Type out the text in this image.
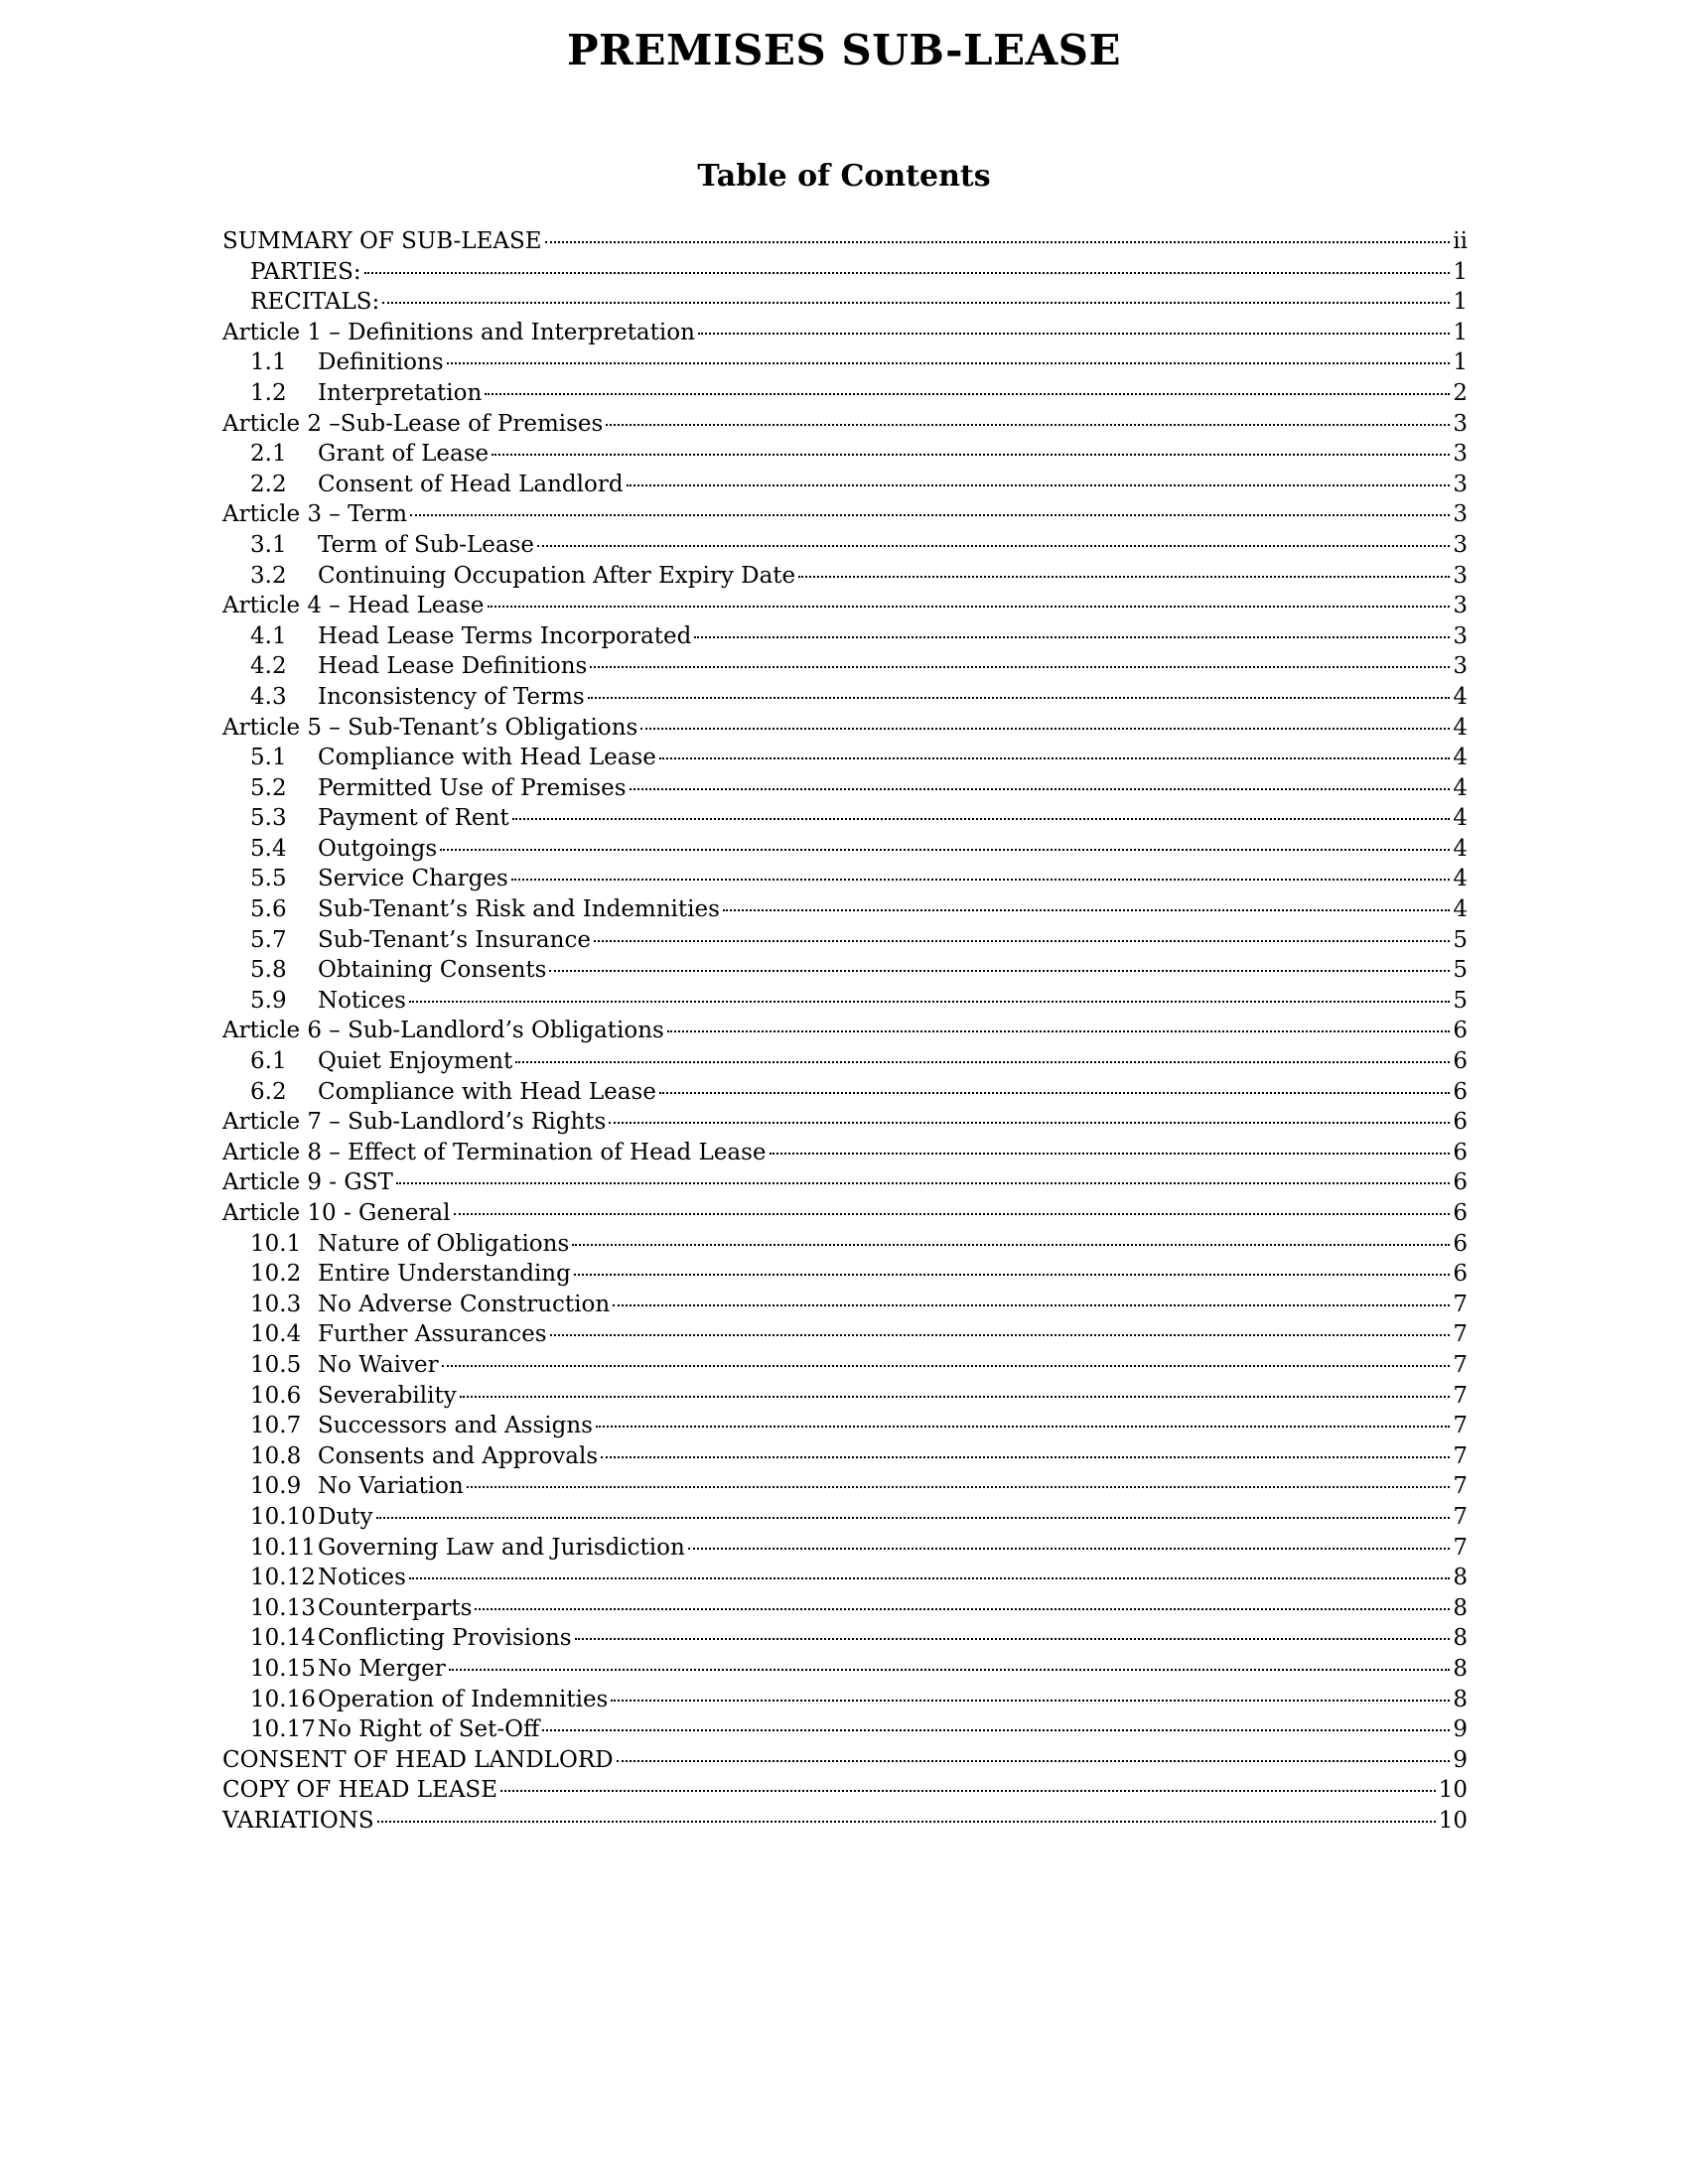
PREMISES SUB-LEASE
Table of Contents
SUMMARY OF SUB-LEASE	ii
PARTIES:	1
RECITALS:	1
Article 1 – Definitions and Interpretation	1
1.1	Definitions	1
1.2	Interpretation	2
Article 2 –Sub-Lease of Premises	3
2.1	Grant of Lease	3
2.2	Consent of Head Landlord	3
Article 3 – Term	3
3.1	Term of Sub-Lease	3
3.2	Continuing Occupation After Expiry Date	3
Article 4 – Head Lease	3
4.1	Head Lease Terms Incorporated	3
4.2	Head Lease Definitions	3
4.3	Inconsistency of Terms	4
Article 5 – Sub-Tenant’s Obligations	4
5.1	Compliance with Head Lease	4
5.2	Permitted Use of Premises	4
5.3	Payment of Rent	4
5.4	Outgoings	4
5.5	Service Charges	4
5.6	Sub-Tenant’s Risk and Indemnities	4
5.7	Sub-Tenant’s Insurance	5
5.8	Obtaining Consents	5
5.9	Notices	5
Article 6 – Sub-Landlord’s Obligations	6
6.1	Quiet Enjoyment	6
6.2	Compliance with Head Lease	6
Article 7 – Sub-Landlord’s Rights	6
Article 8 – Effect of Termination of Head Lease	6
Article 9 - GST	6
Article 10 - General	6
10.1 Nature of Obligations	6
10.2 Entire Understanding	6
10.3 No Adverse Construction	7
10.4 Further Assurances	7
10.5 No Waiver	7
10.6 Severability	7
10.7 Successors and Assigns	7
10.8 Consents and Approvals	7
10.9 No Variation	7
10.10 Duty	7
10.11 Governing Law and Jurisdiction	7
10.12 Notices	8
10.13 Counterparts	8
10.14 Conflicting Provisions	8
10.15 No Merger	8
10.16 Operation of Indemnities	8
10.17 No Right of Set-Off	9
CONSENT OF HEAD LANDLORD	9
COPY OF HEAD LEASE	10
VARIATIONS	10
